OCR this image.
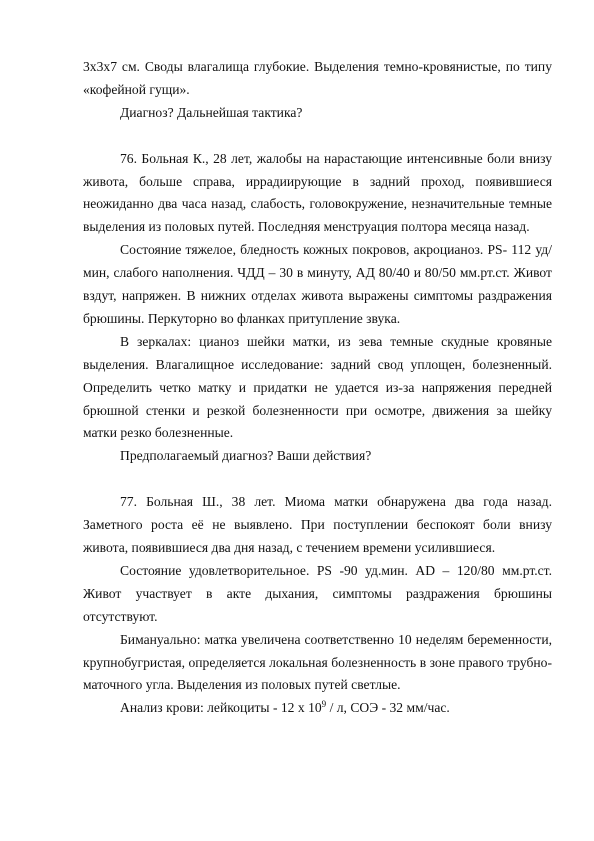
3х3х7 см. Своды влагалища глубокие. Выделения темно-кровянистые, по типу «кофейной гущи».

Диагноз? Дальнейшая тактика?

76. Больная К., 28 лет, жалобы на нарастающие интенсивные боли внизу живота, больше справа, иррадиирующие в задний проход, появившиеся неожиданно два часа назад, слабость, головокружение, незначительные темные выделения из половых путей. Последняя менструация полтора месяца назад.

Состояние тяжелое, бледность кожных покровов, акроцианоз. PS- 112 уд/мин, слабого наполнения. ЧДД – 30 в минуту, АД 80/40 и 80/50 мм.рт.ст. Живот вздут, напряжен. В нижних отделах живота выражены симптомы раздражения брюшины. Перкуторно во фланках притупление звука.

В зеркалах: цианоз шейки матки, из зева темные скудные кровяные выделения. Влагалищное исследование: задний свод уплощен, болезненный. Определить четко матку и придатки не удается из-за напряжения передней брюшной стенки и резкой болезненности при осмотре, движения за шейку матки резко болезненные.

Предполагаемый диагноз? Ваши действия?

77. Больная Ш., 38 лет. Миома матки обнаружена два года назад. Заметного роста её не выявлено. При поступлении беспокоят боли внизу живота, появившиеся два дня назад, с течением времени усилившиеся.

Состояние удовлетворительное. PS -90 уд.мин. AD – 120/80 мм.рт.ст. Живот участвует в акте дыхания, симптомы раздражения брюшины отсутствуют.

Бимануально: матка увеличена соответственно 10 неделям беременности, крупнобугристая, определяется локальная болезненность в зоне правого трубно-маточного угла. Выделения из половых путей светлые.

Анализ крови: лейкоциты - 12 х $10^9$ / л, СОЭ - 32 мм/час.
